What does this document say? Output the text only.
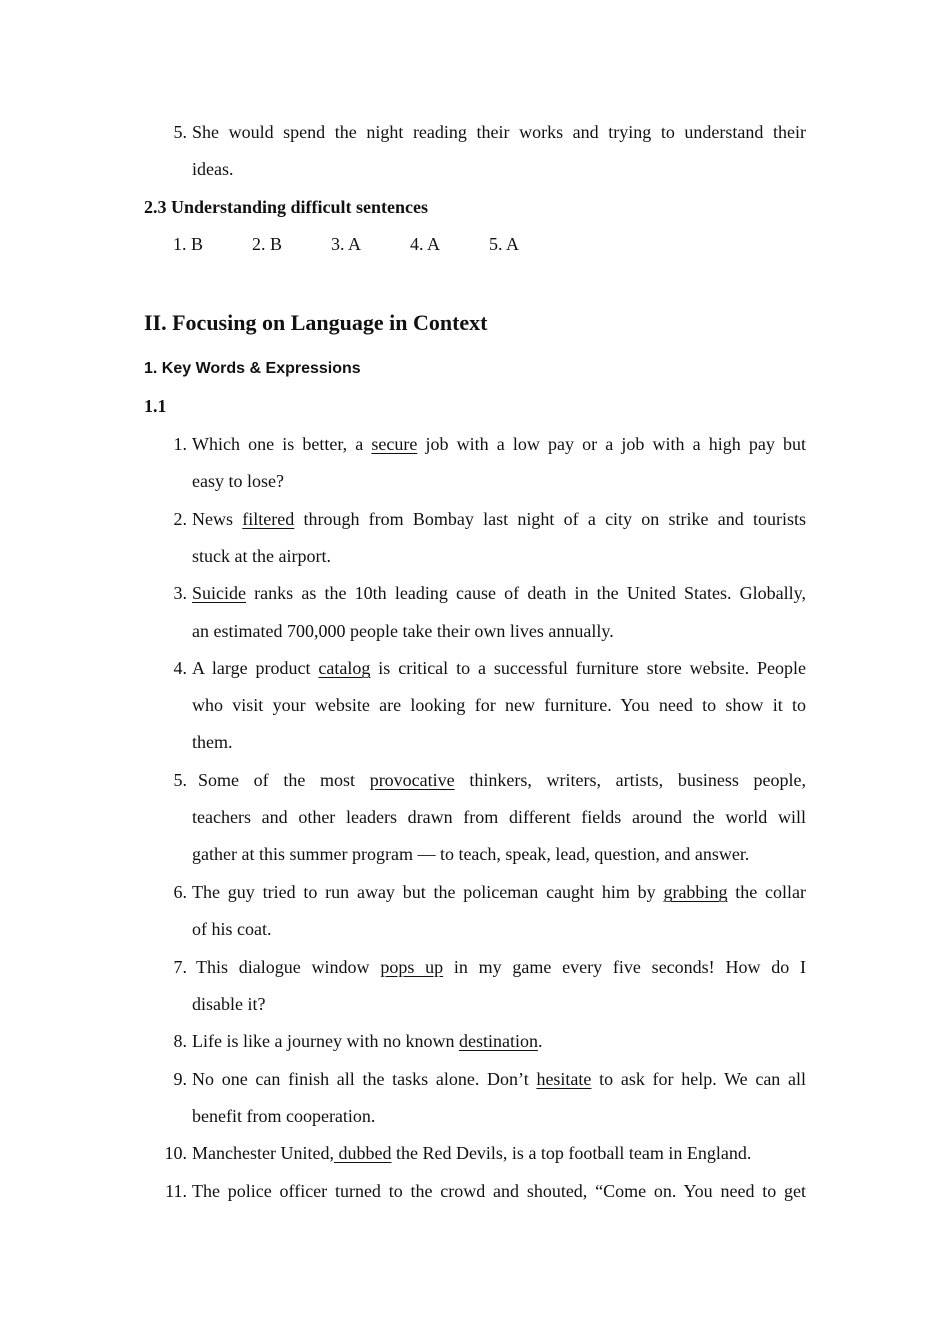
5. She would spend the night reading their works and trying to understand their
ideas.
2.3 Understanding difficult sentences
1. B	2. B	3. A	4. A	5. A
II. Focusing on Language in Context
1. Key Words & Expressions
1.1
1. Which one is better, a secure job with a low pay or a job with a high pay but
easy to lose?
2. News filtered through from Bombay last night of a city on strike and tourists
stuck at the airport.
3. Suicide ranks as the 10th leading cause of death in the United States. Globally,
an estimated 700,000 people take their own lives annually.
4. A large product catalog is critical to a successful furniture store website. People
who visit your website are looking for new furniture. You need to show it to
them.
5. Some of the most provocative thinkers, writers, artists, business people,
teachers and other leaders drawn from different fields around the world will
gather at this summer program — to teach, speak, lead, question, and answer.
6. The guy tried to run away but the policeman caught him by grabbing the collar
of his coat.
7. This dialogue window pops up in my game every five seconds! How do I
disable it?
8. Life is like a journey with no known destination.
9. No one can finish all the tasks alone. Don’t hesitate to ask for help. We can all
benefit from cooperation.
10. Manchester United, dubbed the Red Devils, is a top football team in England.
11. The police officer turned to the crowd and shouted, “Come on. You need to get
